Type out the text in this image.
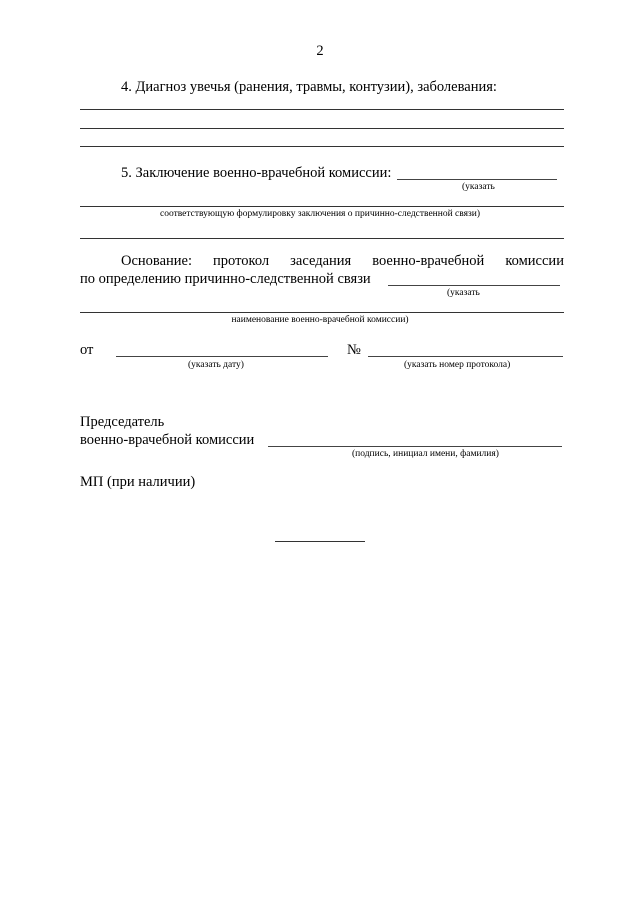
2
4. Диагноз увечья (ранения, травмы, контузии), заболевания:
5. Заключение военно-врачебной комиссии:
(указать
соответствующую формулировку заключения о причинно-следственной связи)
Основание: протокол заседания военно-врачебной комиссии
по определению причинно-следственной связи
(указать
наименование военно-врачебной комиссии)
от	№
(указать дату)	(указать номер протокола)
Председатель
военно-врачебной комиссии
(подпись, инициал имени, фамилия)
МП (при наличии)
